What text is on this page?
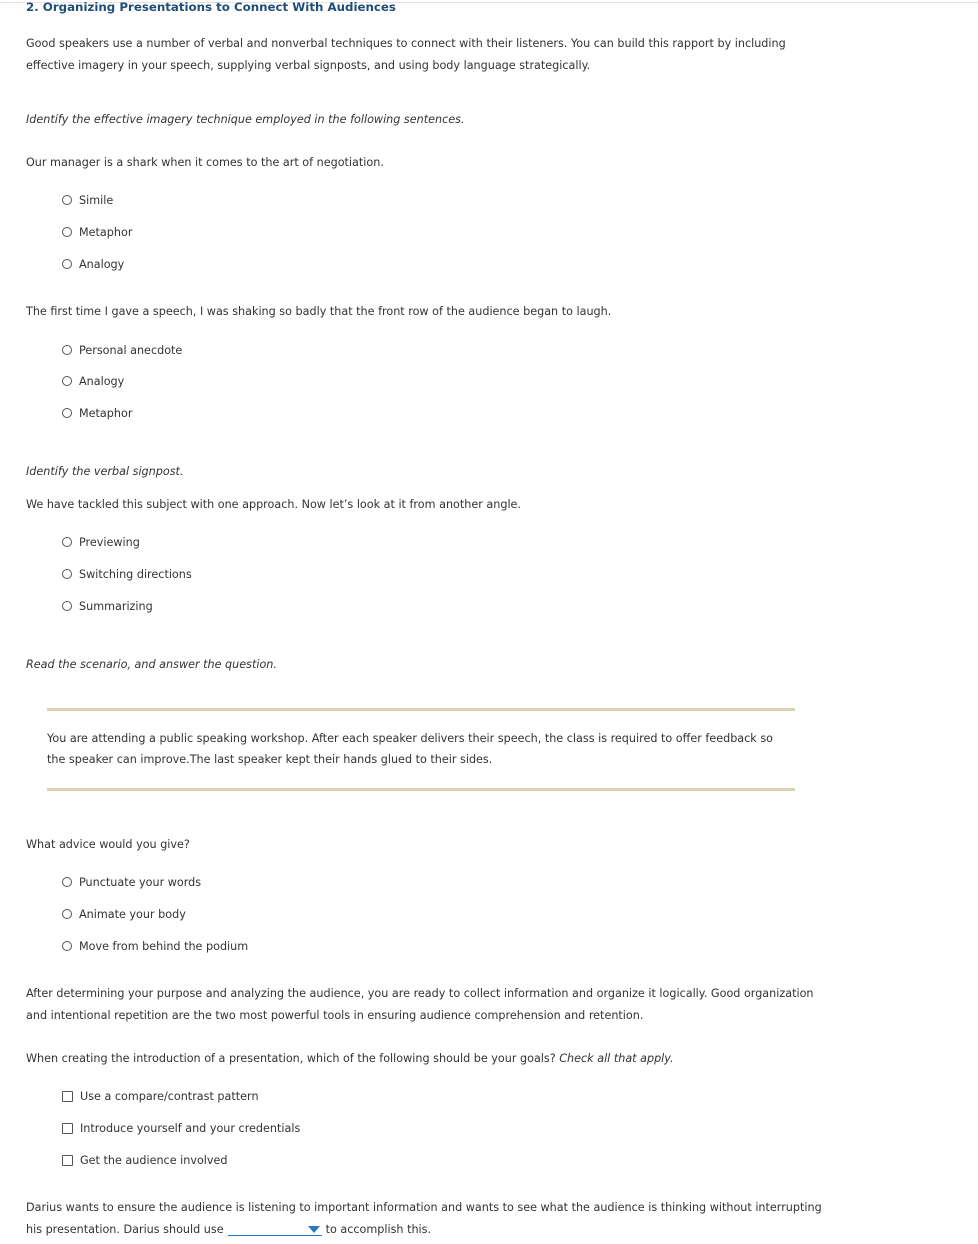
2. Organizing Presentations to Connect With Audiences

Good speakers use a number of verbal and nonverbal techniques to connect with their listeners. You can build this rapport by including effective imagery in your speech, supplying verbal signposts, and using body language strategically.

Identify the effective imagery technique employed in the following sentences.

Our manager is a shark when it comes to the art of negotiation.

Simile
Metaphor
Analogy

The first time I gave a speech, I was shaking so badly that the front row of the audience began to laugh.

Personal anecdote
Analogy
Metaphor

Identify the verbal signpost.

We have tackled this subject with one approach. Now let’s look at it from another angle.

Previewing
Switching directions
Summarizing

Read the scenario, and answer the question.

You are attending a public speaking workshop. After each speaker delivers their speech, the class is required to offer feedback so the speaker can improve.The last speaker kept their hands glued to their sides.

What advice would you give?

Punctuate your words
Animate your body
Move from behind the podium

After determining your purpose and analyzing the audience, you are ready to collect information and organize it logically. Good organization and intentional repetition are the two most powerful tools in ensuring audience comprehension and retention.

When creating the introduction of a presentation, which of the following should be your goals? Check all that apply.

Use a compare/contrast pattern
Introduce yourself and your credentials
Get the audience involved

Darius wants to ensure the audience is listening to important information and wants to see what the audience is thinking without interrupting his presentation. Darius should use	to accomplish this.
